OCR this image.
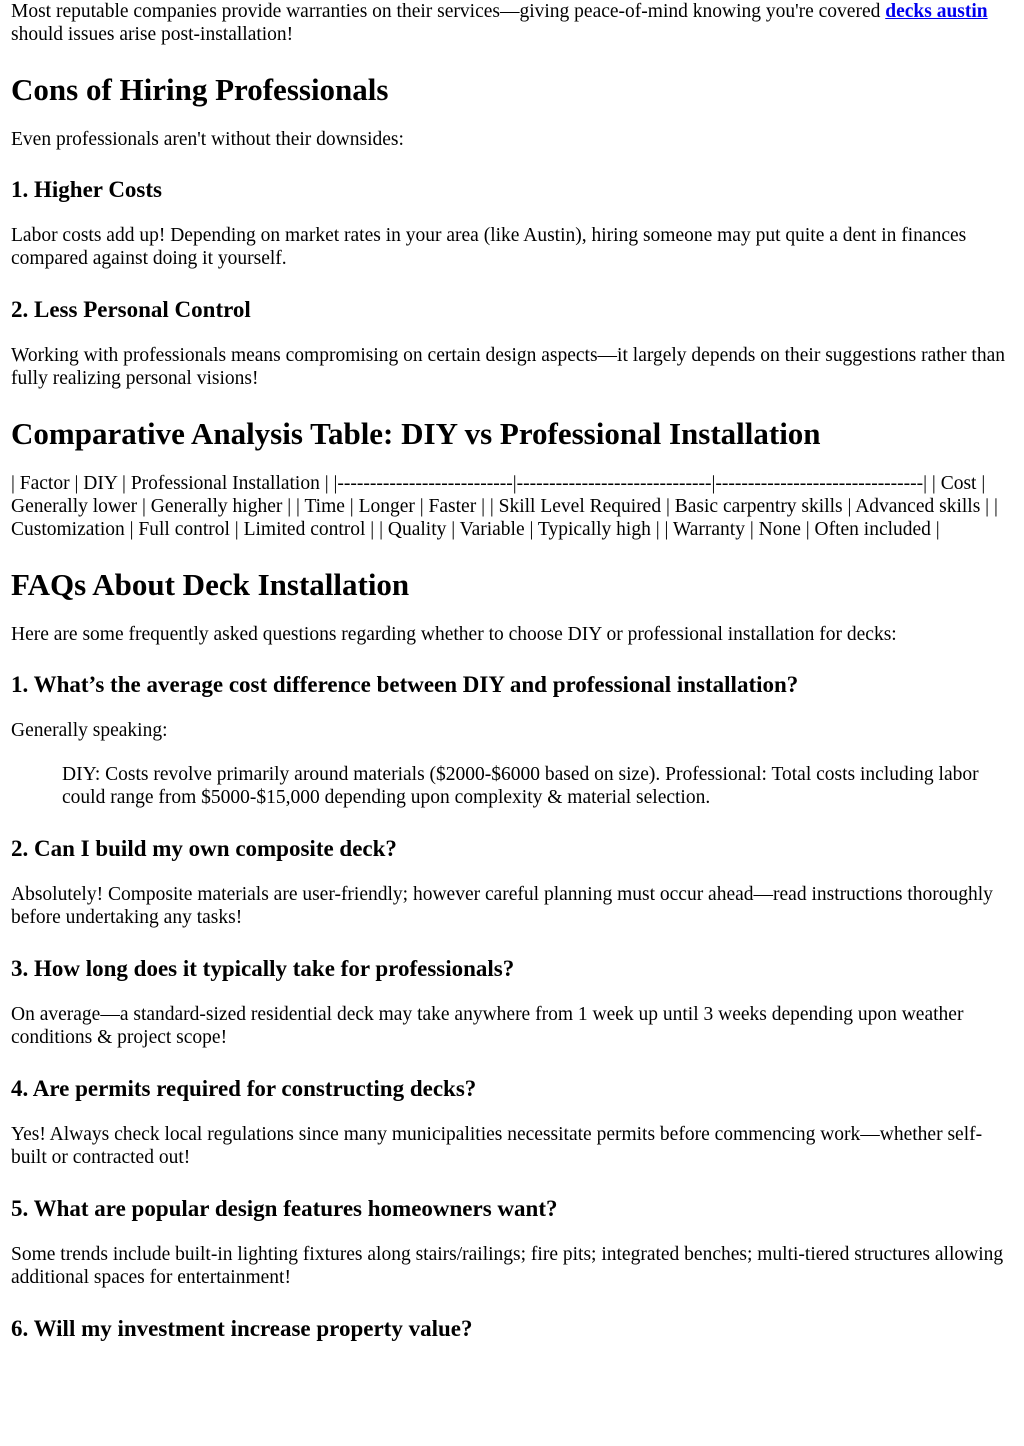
Most reputable companies provide warranties on their services—giving peace-of-mind knowing you're covered decks austin should issues arise post-installation!

Cons of Hiring Professionals

Even professionals aren't without their downsides:

1. Higher Costs

Labor costs add up! Depending on market rates in your area (like Austin), hiring someone may put quite a dent in finances compared against doing it yourself.

2. Less Personal Control

Working with professionals means compromising on certain design aspects—it largely depends on their suggestions rather than fully realizing personal visions!

Comparative Analysis Table: DIY vs Professional Installation

| Factor | DIY | Professional Installation | |---------------------------|------------------------------|--------------------------------| | Cost | Generally lower | Generally higher | | Time | Longer | Faster | | Skill Level Required | Basic carpentry skills | Advanced skills | | Customization | Full control | Limited control | | Quality | Variable | Typically high | | Warranty | None | Often included |

FAQs About Deck Installation

Here are some frequently asked questions regarding whether to choose DIY or professional installation for decks:

1. What’s the average cost difference between DIY and professional installation?

Generally speaking:

DIY: Costs revolve primarily around materials ($2000-$6000 based on size). Professional: Total costs including labor could range from $5000-$15,000 depending upon complexity & material selection.

2. Can I build my own composite deck?

Absolutely! Composite materials are user-friendly; however careful planning must occur ahead—read instructions thoroughly before undertaking any tasks!

3. How long does it typically take for professionals?

On average—a standard-sized residential deck may take anywhere from 1 week up until 3 weeks depending upon weather conditions & project scope!

4. Are permits required for constructing decks?

Yes! Always check local regulations since many municipalities necessitate permits before commencing work—whether self-built or contracted out!

5. What are popular design features homeowners want?

Some trends include built-in lighting fixtures along stairs/railings; fire pits; integrated benches; multi-tiered structures allowing additional spaces for entertainment!

6. Will my investment increase property value?
